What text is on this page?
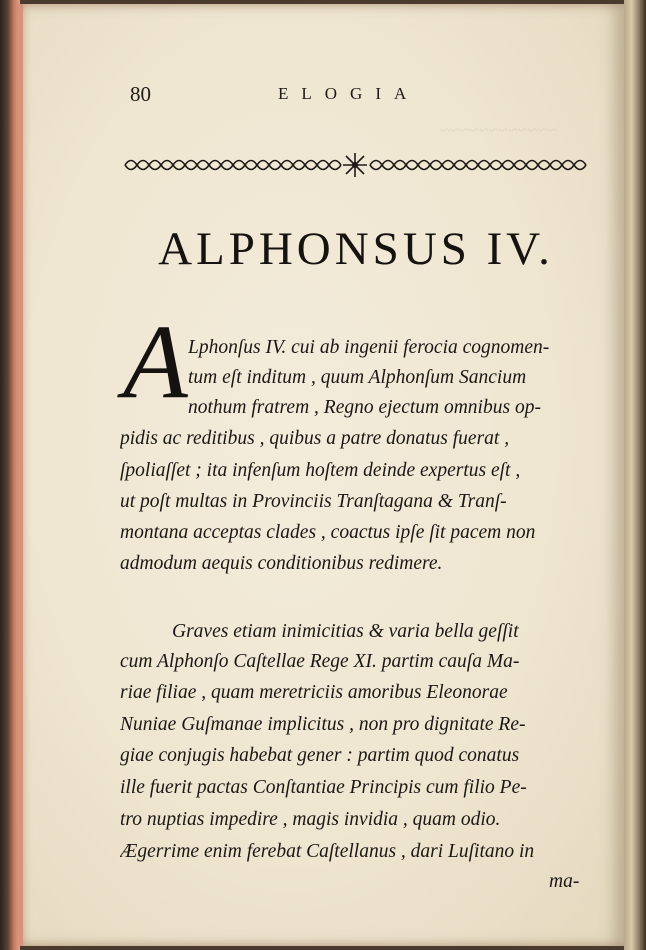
~~~~~~~~~~~~
80	ELOGIA
ALPHONSUS IV.
A Lphonſus IV. cui ab ingenii ferocia cognomen-
tum eſt inditum , quum Alphonſum Sancium
nothum fratrem , Regno ejectum omnibus op-
pidis ac reditibus , quibus a patre donatus fuerat ,
ſpoliaſſet ; ita infenſum hoſtem deinde expertus eſt ,
ut poſt multas in Provinciis Tranſtagana & Tranſ-
montana acceptas clades , coactus ipſe ſit pacem non
admodum aequis conditionibus redimere.
Graves etiam inimicitias & varia bella geſſit
cum Alphonſo Caſtellae Rege XI. partim cauſa Ma-
riae filiae , quam meretriciis amoribus Eleonorae
Nuniae Guſmanae implicitus , non pro dignitate Re-
giae conjugis habebat gener : partim quod conatus
ille fuerit pactas Conſtantiae Principis cum filio Pe-
tro nuptias impedire , magis invidia , quam odio.
Ægerrime enim ferebat Caſtellanus , dari Luſitano in
ma-
